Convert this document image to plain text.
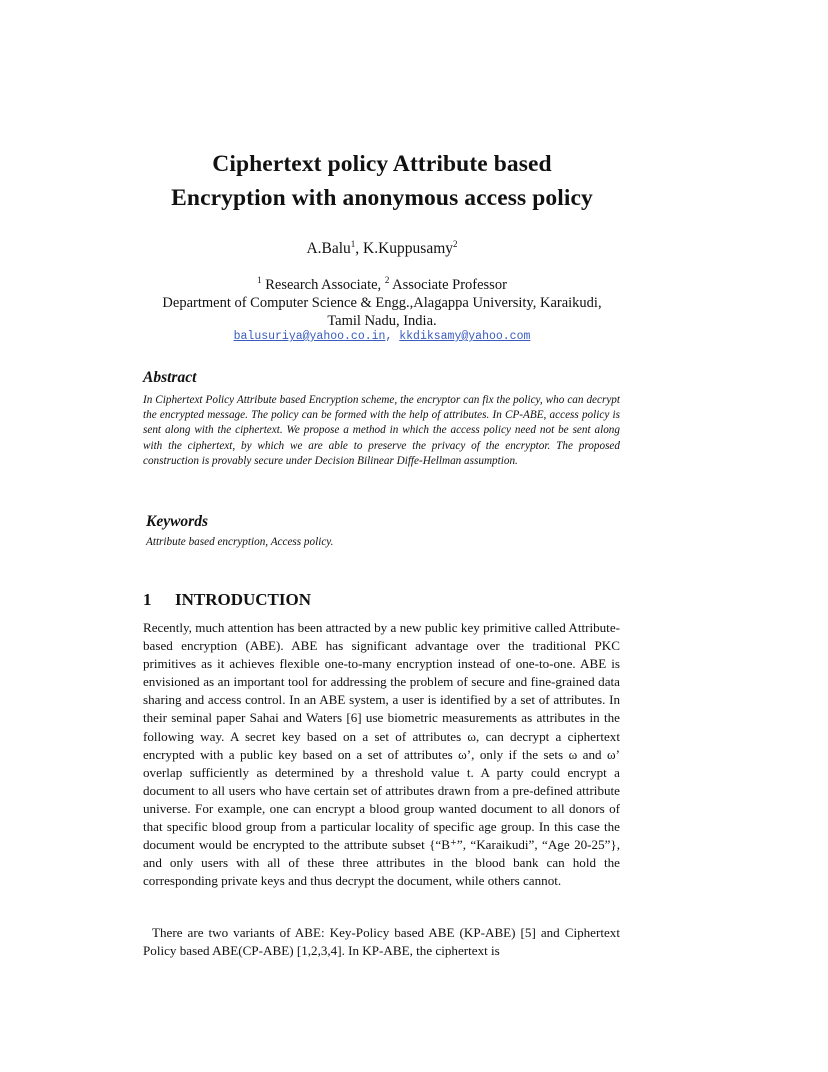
Ciphertext policy Attribute based
Encryption with anonymous access policy
A.Balu$^1$, K.Kuppusamy$^2$
$^1$ Research Associate, $^2$ Associate Professor
Department of Computer Science & Engg.,Alagappa University, Karaikudi,
Tamil Nadu, India.
balusuriya@yahoo.co.in, kkdiksamy@yahoo.com
Abstract
In Ciphertext Policy Attribute based Encryption scheme, the encryptor can fix the policy, who can decrypt the encrypted message. The policy can be formed with the help of attributes. In CP-ABE, access policy is sent along with the ciphertext. We propose a method in which the access policy need not be sent along with the ciphertext, by which we are able to preserve the privacy of the encryptor. The proposed construction is provably secure under Decision Bilinear Diffe-Hellman assumption.
Keywords
Attribute based encryption, Access policy.
1 INTRODUCTION
Recently, much attention has been attracted by a new public key primitive called Attribute-based encryption (ABE). ABE has significant advantage over the traditional PKC primitives as it achieves flexible one-to-many encryption instead of one-to-one. ABE is envisioned as an important tool for addressing the problem of secure and fine-grained data sharing and access control. In an ABE system, a user is identified by a set of attributes. In their seminal paper Sahai and Waters [6] use biometric measurements as attributes in the following way. A secret key based on a set of attributes ω, can decrypt a ciphertext encrypted with a public key based on a set of attributes ω’, only if the sets ω and ω’ overlap sufficiently as determined by a threshold value t. A party could encrypt a document to all users who have certain set of attributes drawn from a pre-defined attribute universe. For example, one can encrypt a blood group wanted document to all donors of that specific blood group from a particular locality of specific age group. In this case the document would be encrypted to the attribute subset {“B⁺”, “Karaikudi”, “Age 20-25”}, and only users with all of these three attributes in the blood bank can hold the corresponding private keys and thus decrypt the document, while others cannot.
There are two variants of ABE: Key-Policy based ABE (KP-ABE) [5] and Ciphertext Policy based ABE(CP-ABE) [1,2,3,4]. In KP-ABE, the ciphertext is
